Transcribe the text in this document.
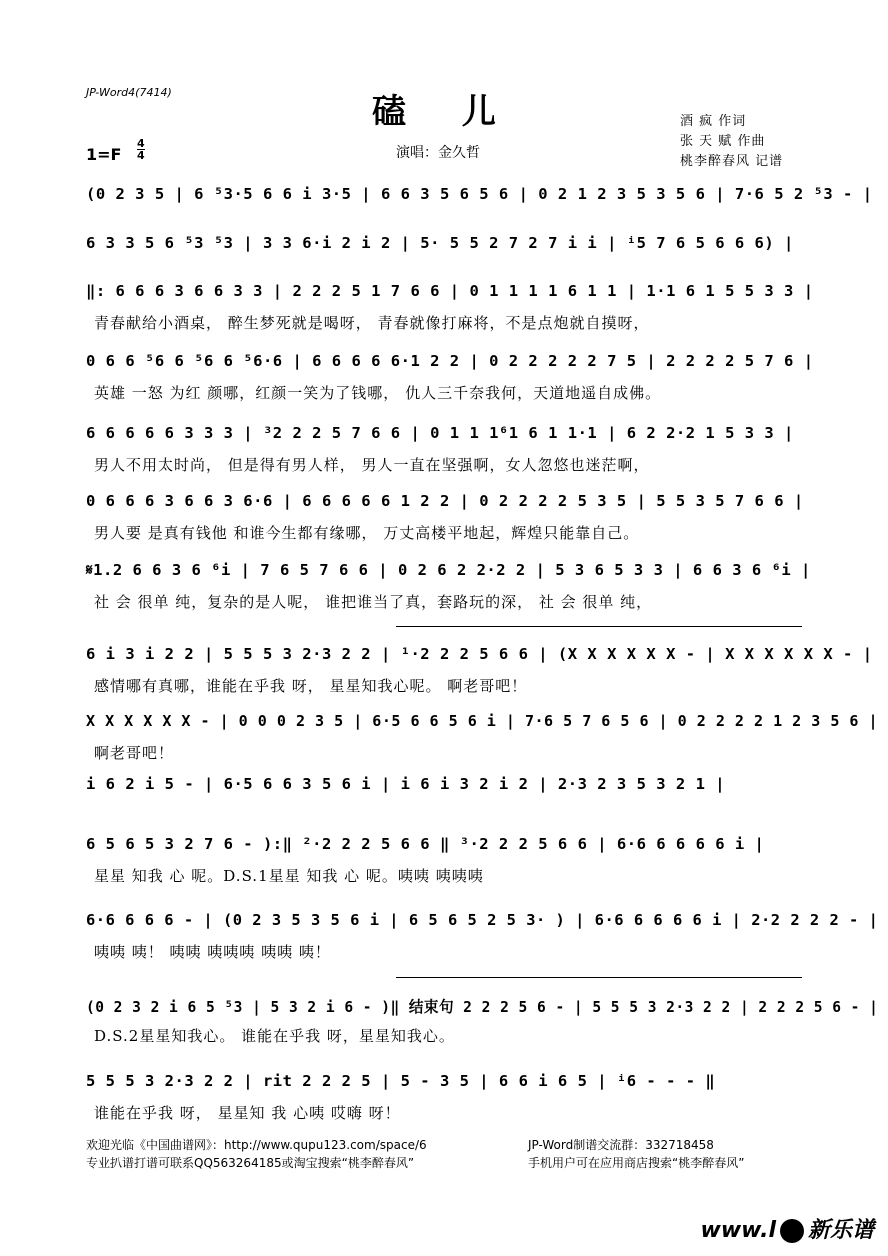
JP-Word4(7414)	磕 儿
1=F
4
4	演唱：金久哲
酒 疯 作词
张 天 赋 作曲
桃李醉春风 记谱
(0 2 3 5 | 6 ⁵3·5 6 6 i 3·5 | 6 6 3 5 6 5 6 | 0 2 1 2 3 5 3 5 6 | 7·6 5 2 ⁵3 - |
6 3 3 5 6 ⁵3 ⁵3 | 3 3 6·i 2 i 2 | 5· 5 5 2 7 2 7 i i | ⁱ5 7 6 5 6 6 6) |
‖: 6 6 6 3 6 6 3 3 | 2 2 2 5 1 7 6 6 | 0 1 1 1 1 6 1 1 | 1·1 6 1 5 5 3 3 |
青春献给小酒桌， 醉生梦死就是喝呀， 青春就像打麻将，不是点炮就自摸呀，
0 6 6 ⁵6 6 ⁵6 6 ⁵6·6 | 6 6 6 6 6·1 2 2 | 0 2 2 2 2 2 7 5 | 2 2 2 2 5 7 6 |
英雄 一怒 为红 颜哪，红颜一笑为了钱哪， 仇人三千奈我何，天道地遥自成佛。
6 6 6 6 6 3 3 3 | ³2 2 2 5 7 6 6 | 0 1 1 1⁶1 6 1 1·1 | 6 2 2·2 1 5 3 3 |
男人不用太时尚， 但是得有男人样， 男人一直在坚强啊，女人忽悠也迷茫啊，
0 6 6 6 3 6 6 3 6·6 | 6 6 6 6 6 1 2 2 | 0 2 2 2 2 5 3 5 | 5 5 3 5 7 6 6 |
男人要 是真有钱他 和谁今生都有缘哪， 万丈高楼平地起，辉煌只能靠自己。
𝄋1.2 6 6 3 6 ⁶i | 7 6 5 7 6 6 | 0 2 6 2 2·2 2 | 5 3 6 5 3 3 | 6 6 3 6 ⁶i |
社 会 很单 纯，复杂的是人呢， 谁把谁当了真，套路玩的深， 社 会 很单 纯，
6 i 3 i 2 2 | 5 5 5 3 2·3 2 2 | ¹·2 2 2 5 6 6 | (X X X X X X - | X X X X X X - |
感情哪有真哪，谁能在乎我 呀， 星星知我心呢。 啊老哥吧！
X X X X X X - | 0 0 0 2 3 5 | 6·5 6 6 5 6 i | 7·6 5 7 6 5 6 | 0 2 2 2 2 1 2 3 5 6 |
啊老哥吧！
i 6 2 i 5 - | 6·5 6 6 3 5 6 i | i 6 i 3 2 i 2 | 2·3 2 3 5 3 2 1 |
6 5 6 5 3 2 7 6 - ):‖ ²·2 2 2 5 6 6 ‖ ³·2 2 2 5 6 6 | 6·6 6 6 6 6 i |
星星 知我 心 呢。D.S.1星星 知我 心 呢。咦咦 咦咦咦
6·6 6 6 6 - | (0 2 3 5 3 5 6 i | 6 5 6 5 2 5 3· ) | 6·6 6 6 6 6 i | 2·2 2 2 2 - |
咦咦 咦！ 咦咦 咦咦咦 咦咦 咦！
(0 2 3 2 i 6 5 ⁵3 | 5 3 2 i 6 - )‖ 结束句 2 2 2 5 6 - | 5 5 5 3 2·3 2 2 | 2 2 2 5 6 - |
D.S.2星星知我心。 谁能在乎我 呀，星星知我心。
5 5 5 3 2·3 2 2 | rit 2 2 2 5 | 5 - 3 5 | 6 6 i 6 5 | ⁱ6 - - - ‖
谁能在乎我 呀， 星星知 我 心咦 哎嗨 呀！
欢迎光临《中国曲谱网》：http://www.qupu123.com/space/6
专业扒谱打谱可联系QQ563264185或淘宝搜索“桃李醉春风”
JP-Word制谱交流群：332718458
手机用户可在应用商店搜索“桃李醉春风”
www.l 新乐谱
